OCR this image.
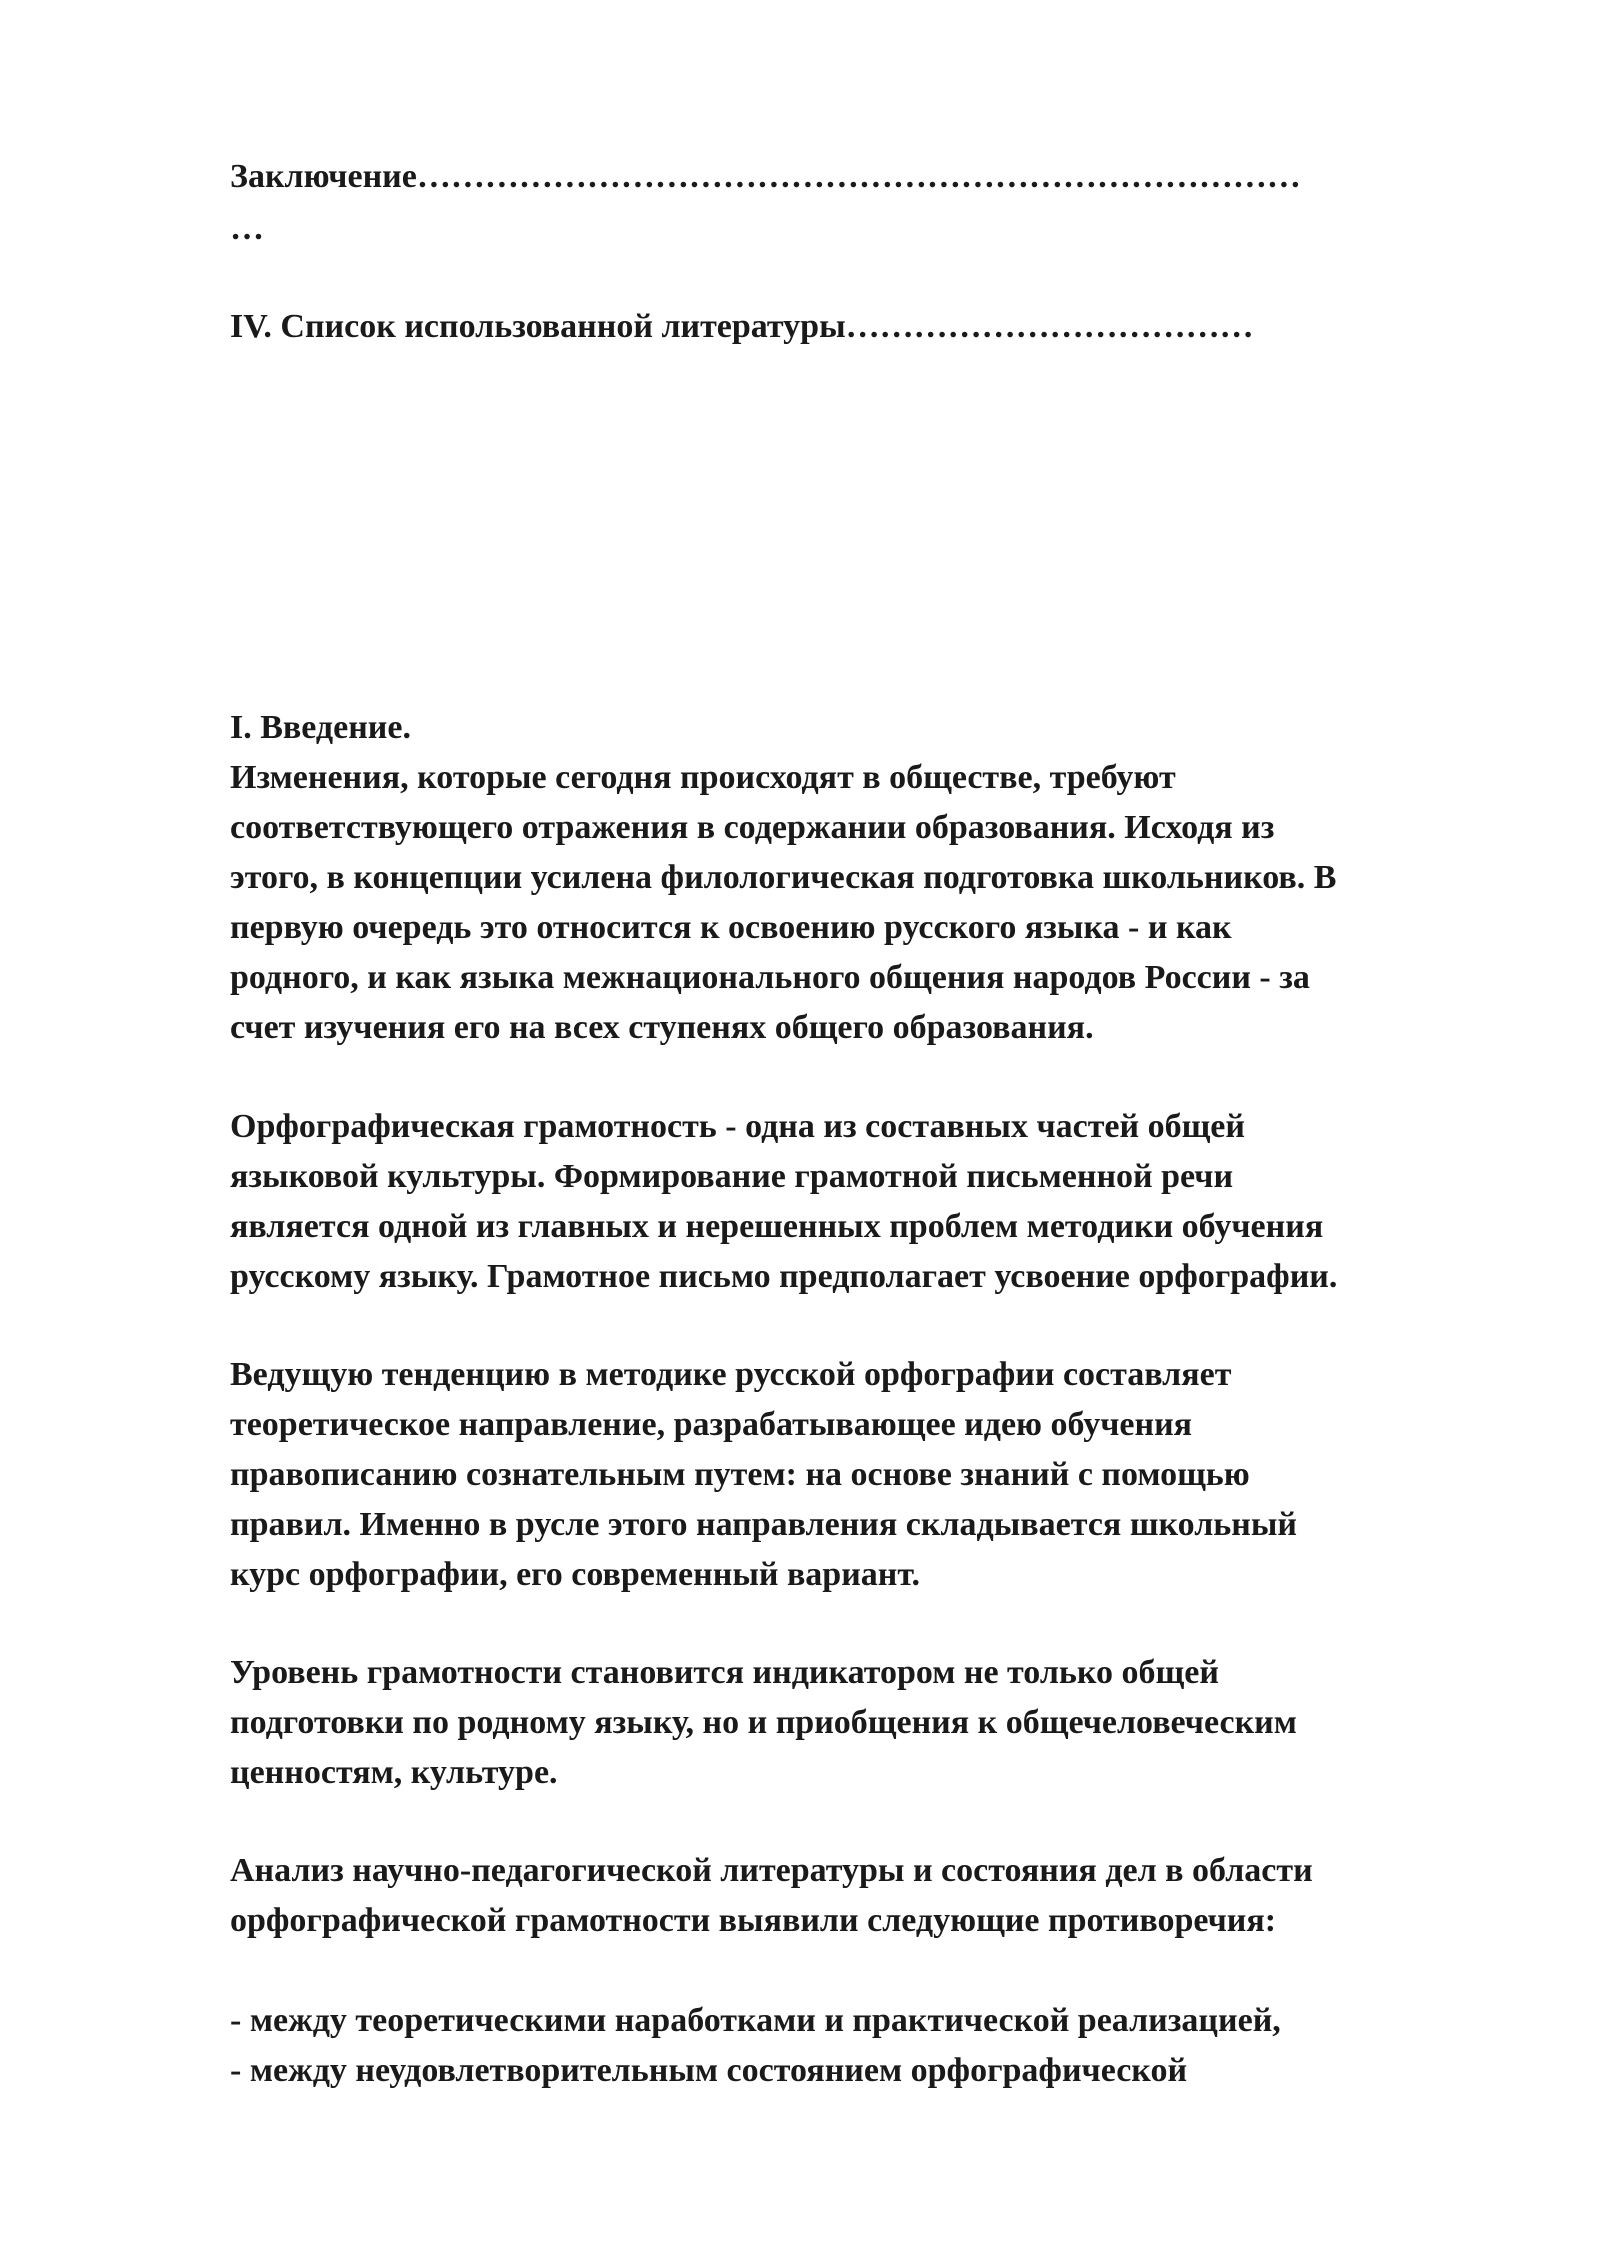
Заключение……………………………………………………………………

…

IV. Список использованной литературы………………………………

I. Введение.

Изменения, которые сегодня происходят в обществе, требуют

соответствующего отражения в содержании образования. Исходя из

этого, в концепции усилена филологическая подготовка школьников. В

первую очередь это относится к освоению русского языка - и как

родного, и как языка межнационального общения народов России - за

счет изучения его на всех ступенях общего образования.

Орфографическая грамотность - одна из составных частей общей

языковой культуры. Формирование грамотной письменной речи

является одной из главных и нерешенных проблем методики обучения

русскому языку. Грамотное письмо предполагает усвоение орфографии.

Ведущую тенденцию в методике русской орфографии составляет

теоретическое направление, разрабатывающее идею обучения

правописанию сознательным путем: на основе знаний с помощью

правил. Именно в русле этого направления складывается школьный

курс орфографии, его современный вариант.

Уровень грамотности становится индикатором не только общей

подготовки по родному языку, но и приобщения к общечеловеческим

ценностям, культуре.

Анализ научно-педагогической литературы и состояния дел в области

орфографической грамотности выявили следующие противоречия:

- между теоретическими наработками и практической реализацией,

- между неудовлетворительным состоянием орфографической
